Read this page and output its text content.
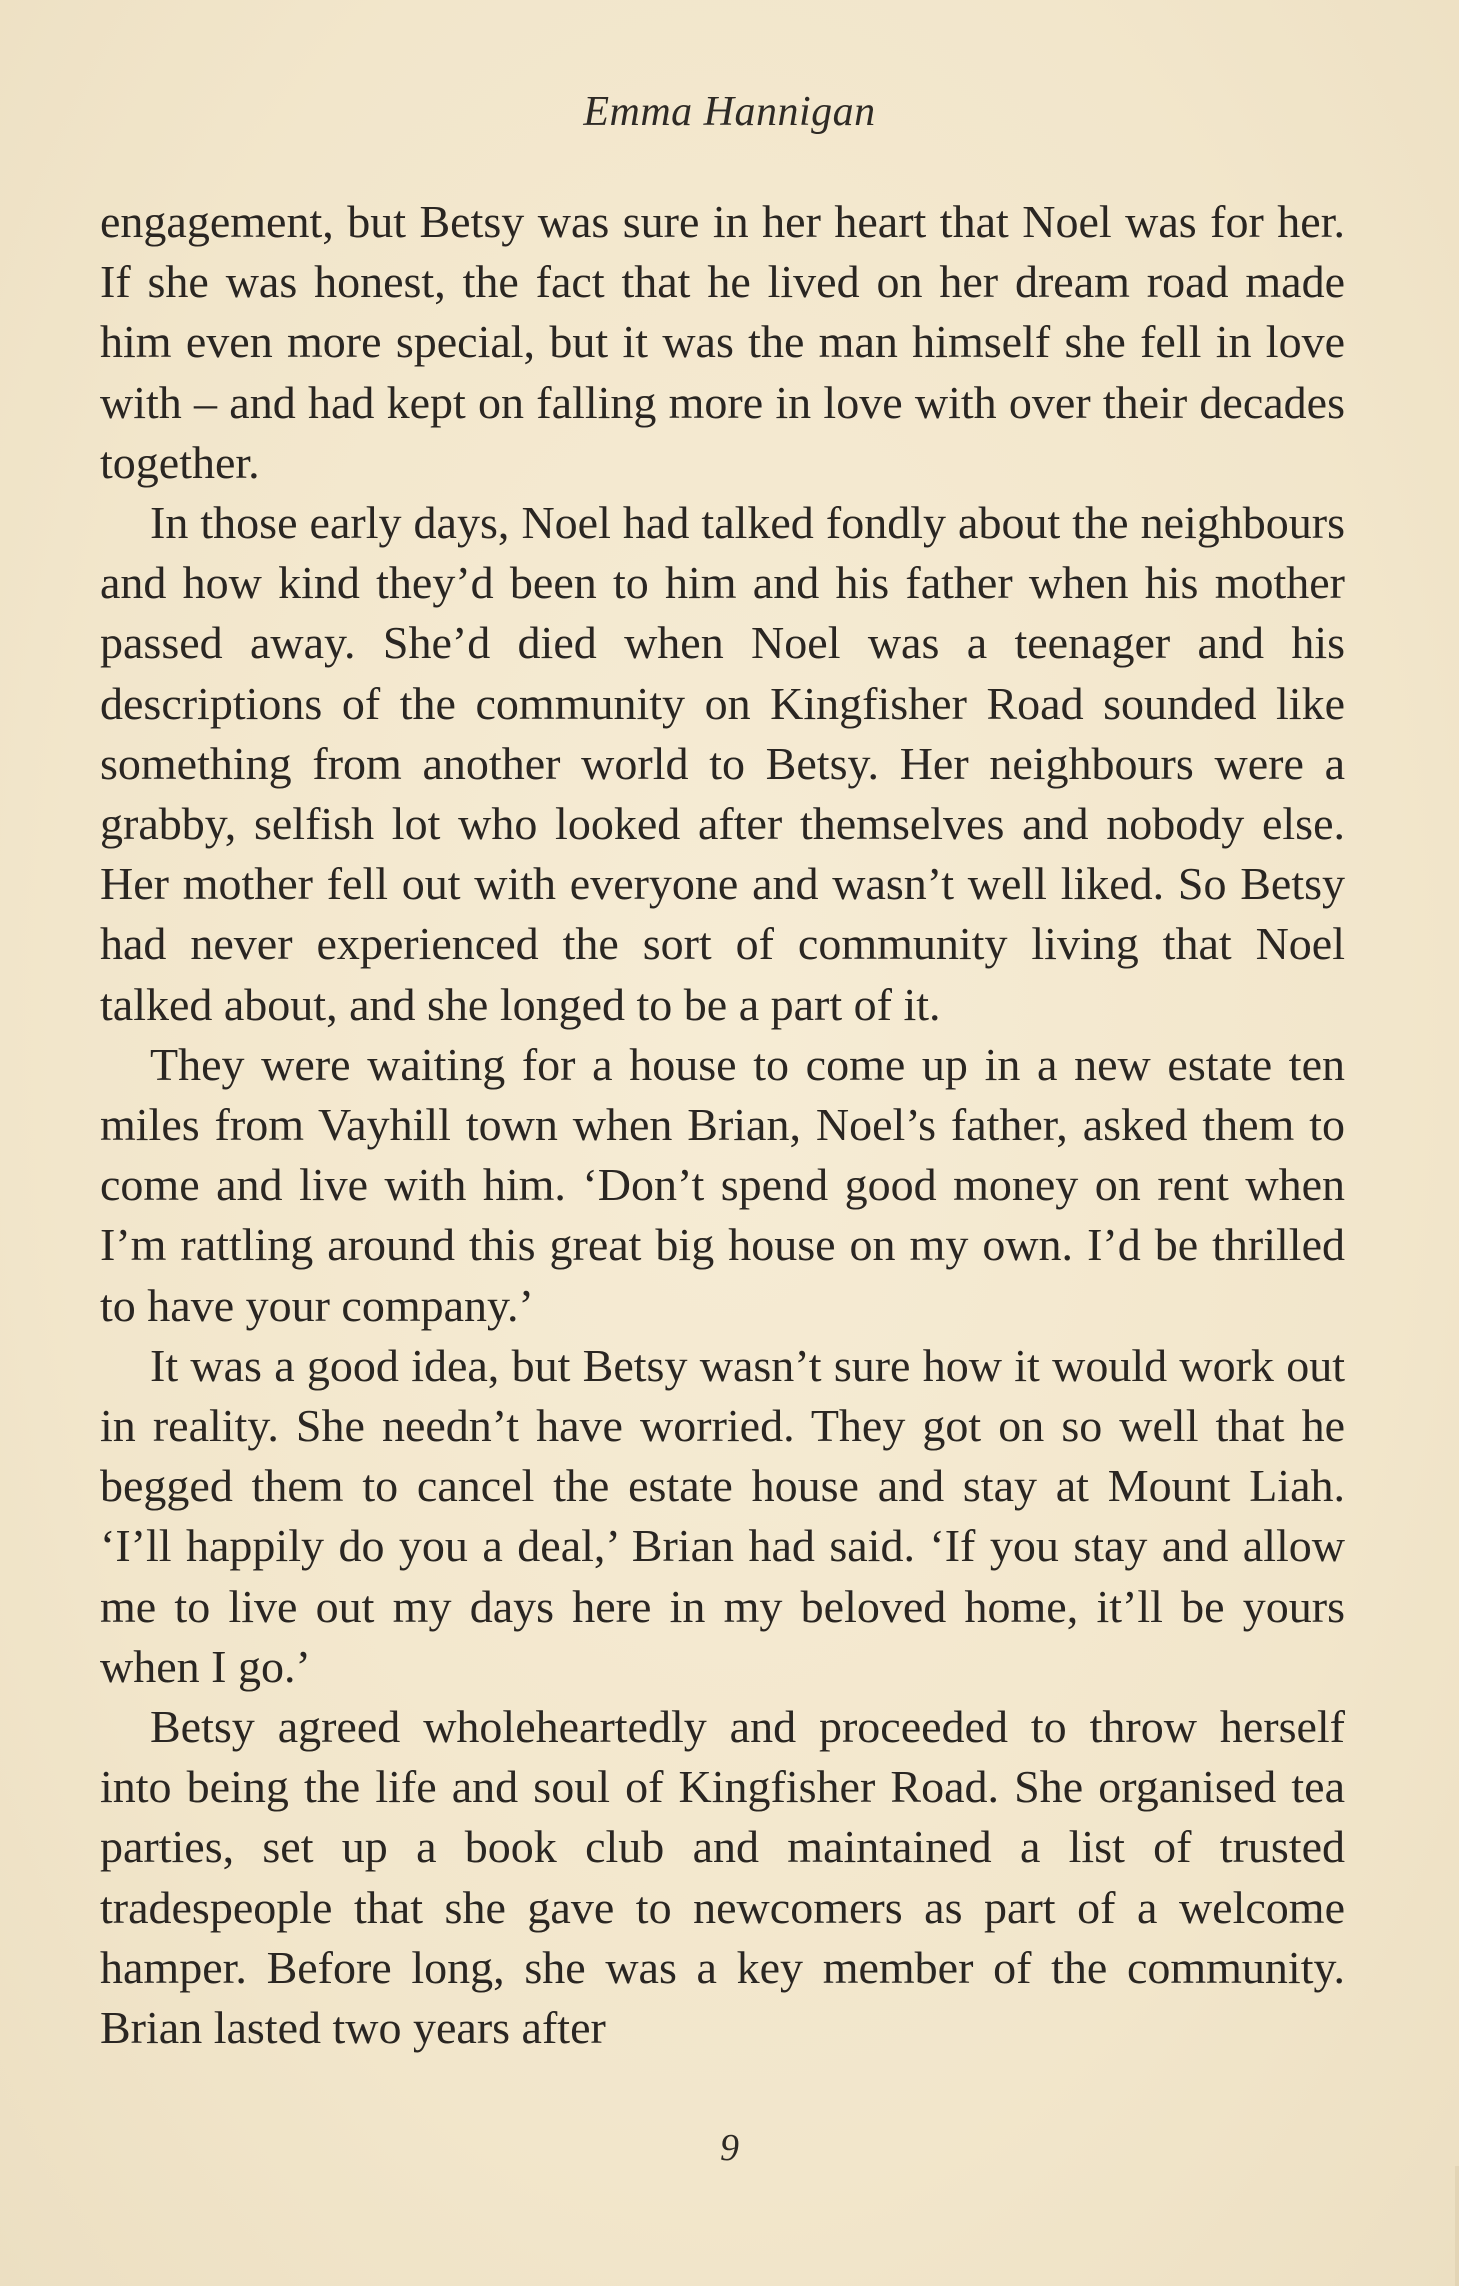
Emma Hannigan

engagement, but Betsy was sure in her heart that Noel was for her. If she was honest, the fact that he lived on her dream road made him even more special, but it was the man himself she fell in love with – and had kept on falling more in love with over their decades together.

In those early days, Noel had talked fondly about the neighbours and how kind they’d been to him and his father when his mother passed away. She’d died when Noel was a teenager and his descriptions of the community on Kingfisher Road sounded like something from another world to Betsy. Her neighbours were a grabby, selfish lot who looked after themselves and nobody else. Her mother fell out with everyone and wasn’t well liked. So Betsy had never experienced the sort of community living that Noel talked about, and she longed to be a part of it.

They were waiting for a house to come up in a new estate ten miles from Vayhill town when Brian, Noel’s father, asked them to come and live with him. ‘Don’t spend good money on rent when I’m rattling around this great big house on my own. I’d be thrilled to have your company.’

It was a good idea, but Betsy wasn’t sure how it would work out in reality. She needn’t have worried. They got on so well that he begged them to cancel the estate house and stay at Mount Liah. ‘I’ll happily do you a deal,’ Brian had said. ‘If you stay and allow me to live out my days here in my beloved home, it’ll be yours when I go.’

Betsy agreed wholeheartedly and proceeded to throw herself into being the life and soul of Kingfisher Road. She organised tea parties, set up a book club and maintained a list of trusted tradespeople that she gave to newcomers as part of a welcome hamper. Before long, she was a key member of the community. Brian lasted two years after

9
